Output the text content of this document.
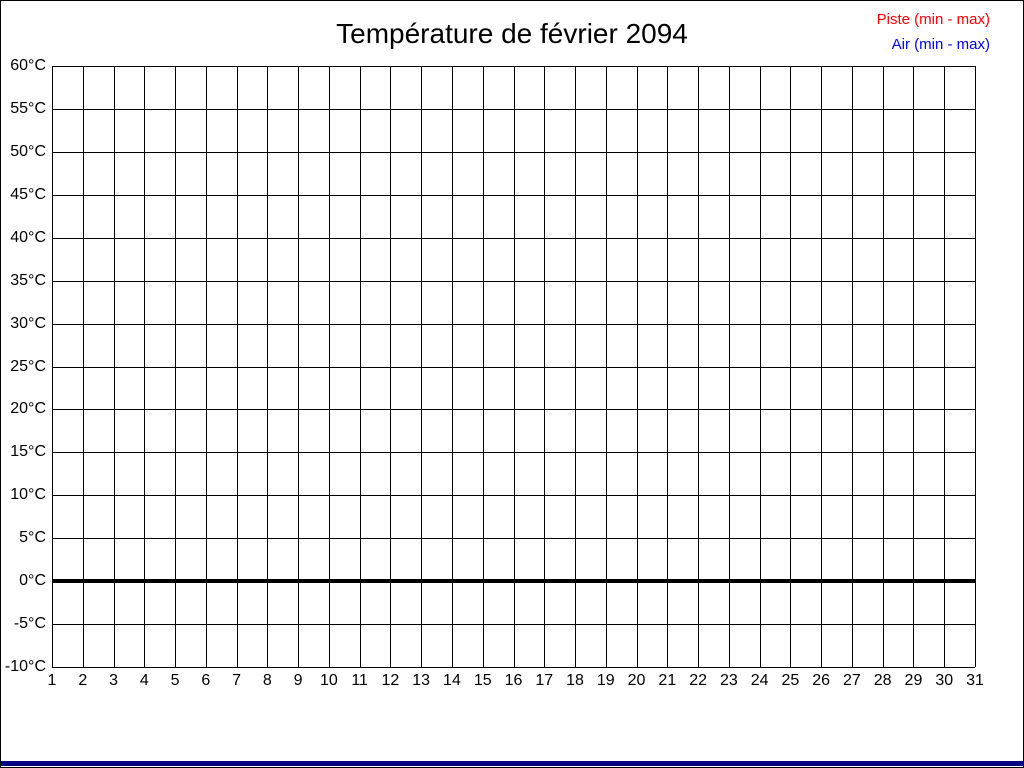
Température de février 2094	Piste (min - max)
Air (min - max)
60°C
55°C
50°C
45°C
40°C
35°C
30°C
25°C
20°C
15°C
10°C
5°C
0°C
-5°C
-10°C
1	2	3	4	5	6	7	8	9	10 11 12 13 14 15 16 17 18 19 20 21 22 23 24 25 26 27 28 29 30 31
